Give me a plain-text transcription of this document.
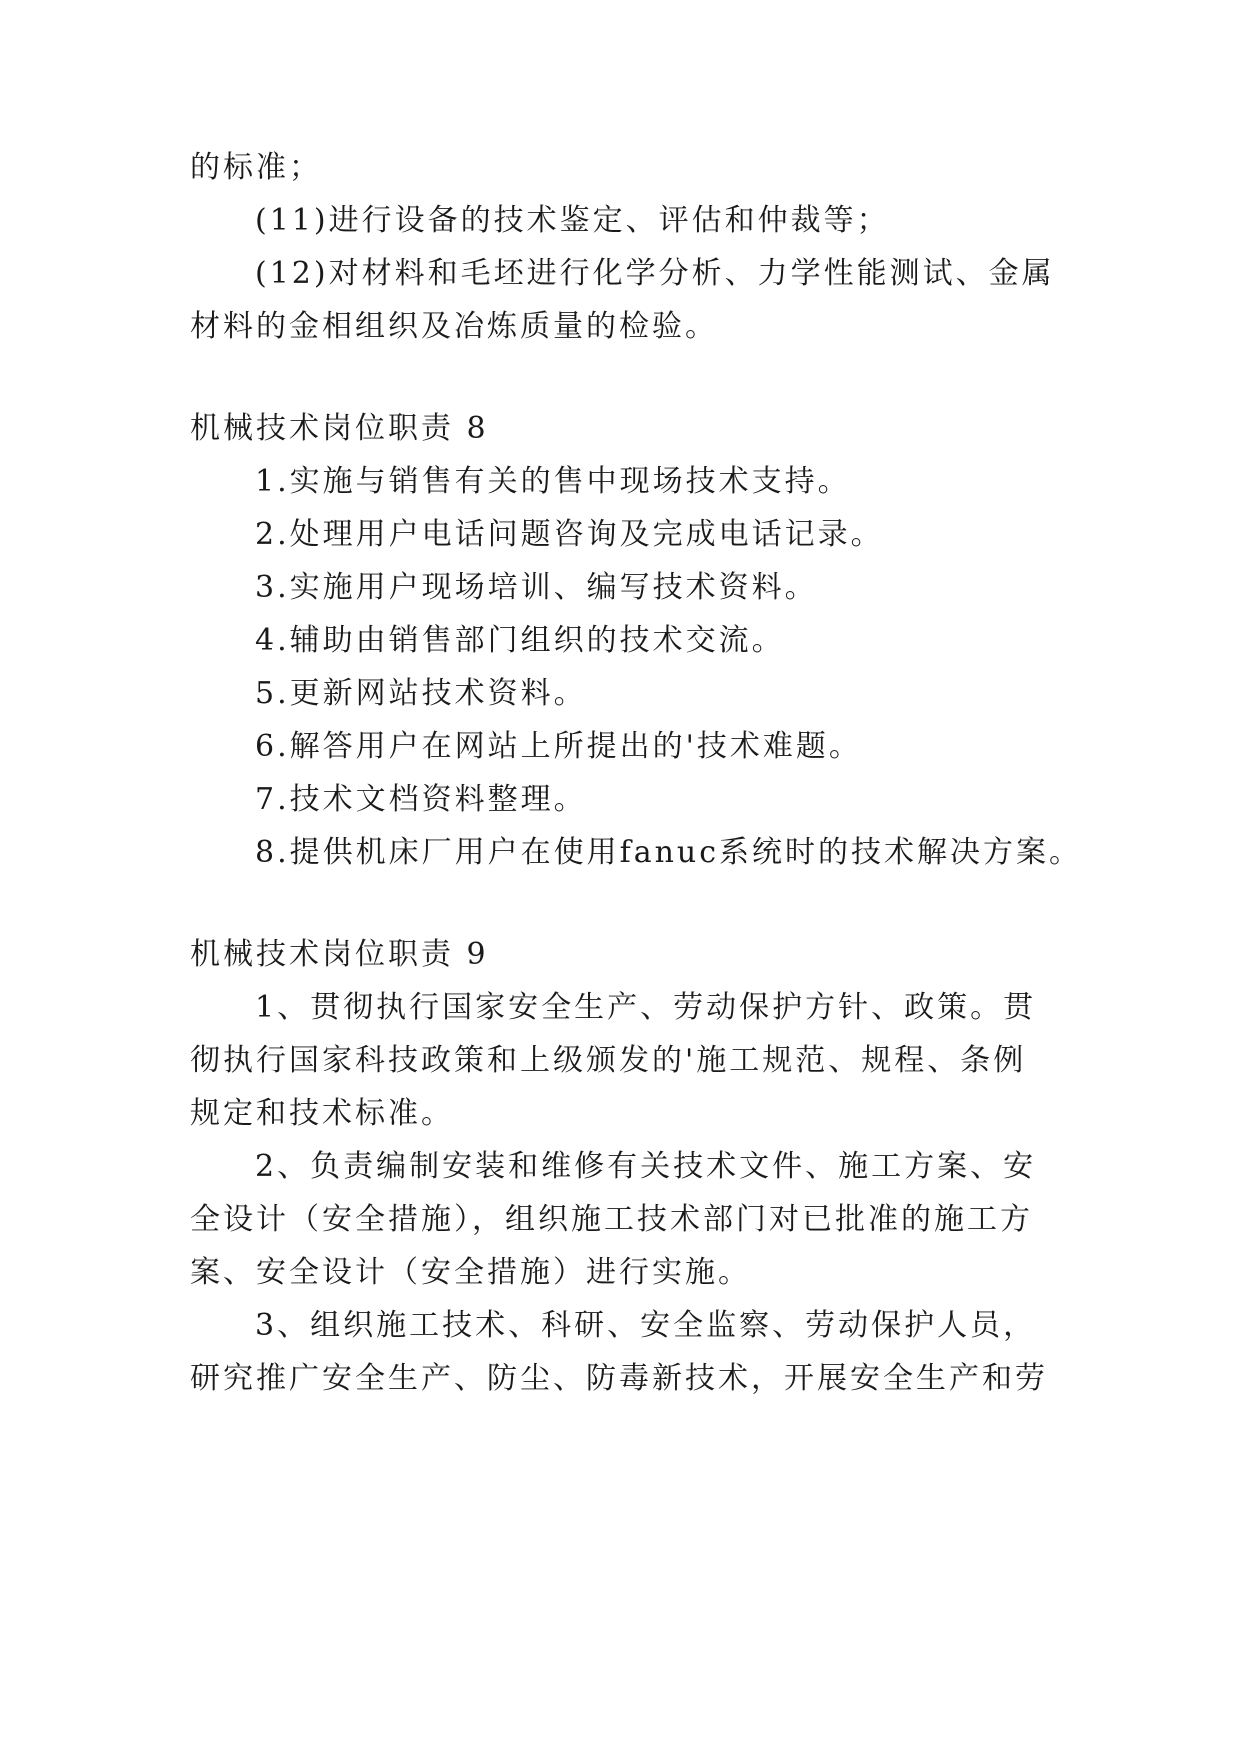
的标准；
(11)进行设备的技术鉴定、评估和仲裁等；
(12)对材料和毛坯进行化学分析、力学性能测试、金属
材料的金相组织及冶炼质量的检验。
机械技术岗位职责 8
1.实施与销售有关的售中现场技术支持。
2.处理用户电话问题咨询及完成电话记录。
3.实施用户现场培训、编写技术资料。
4.辅助由销售部门组织的技术交流。
5.更新网站技术资料。
6.解答用户在网站上所提出的'技术难题。
7.技术文档资料整理。
8.提供机床厂用户在使用fanuc系统时的技术解决方案。
机械技术岗位职责 9
1、贯彻执行国家安全生产、劳动保护方针、政策。贯
彻执行国家科技政策和上级颁发的'施工规范、规程、条例
规定和技术标准。
2、负责编制安装和维修有关技术文件、施工方案、安
全设计（安全措施），组织施工技术部门对已批准的施工方
案、安全设计（安全措施）进行实施。
3、组织施工技术、科研、安全监察、劳动保护人员，
研究推广安全生产、防尘、防毒新技术，开展安全生产和劳
